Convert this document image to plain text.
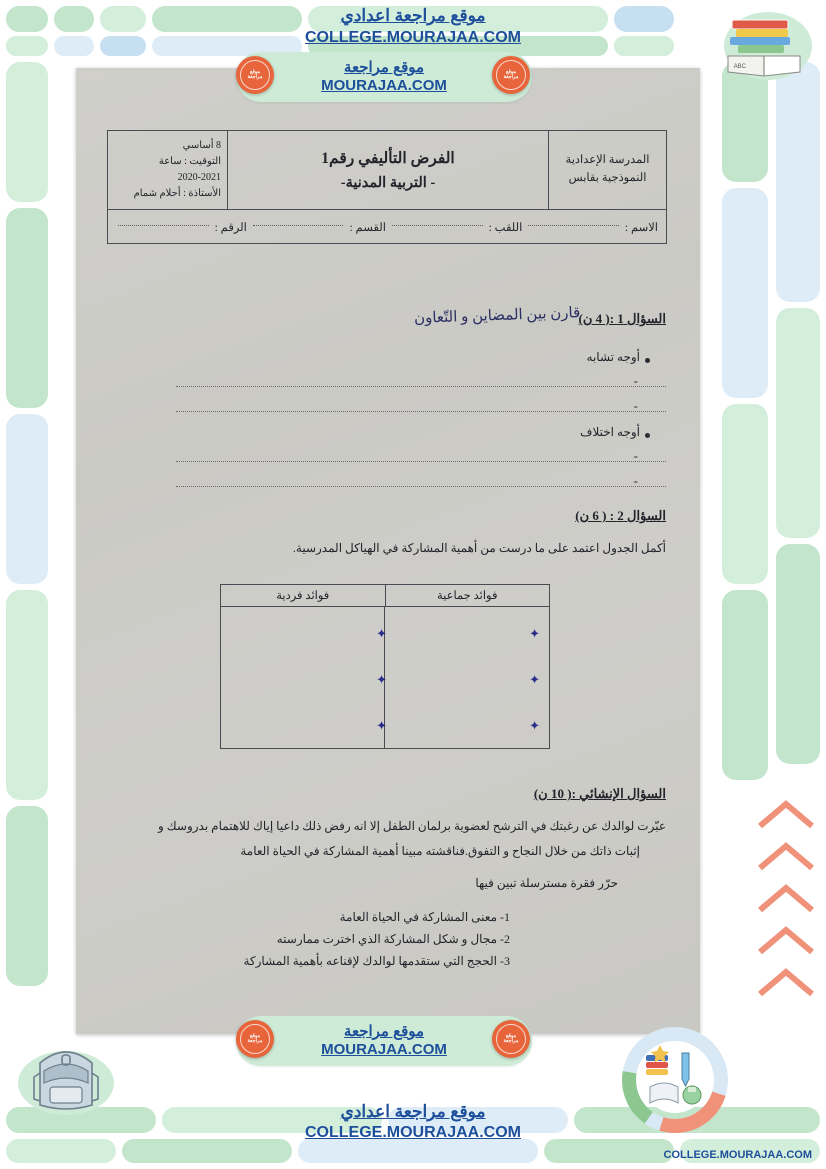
موقع مراجعة اعدادي
COLLEGE.MOURAJAA.COM
ABC
موقع مراجعة
موقع مراجعة
موقع مراجعة
MOURAJAA.COM
المدرسة الإعدادية
النموذجية بقابس
الفرض التأليفي رقم1
- التربية المدنية-
8 أساسي
التوقيت : ساعة
2020-2021
الأستاذة : أحلام شمام
الاسم :
اللقب :
القسم :
الرقم :
السؤال 1 :( 4 ن)
قارن بين المضاين و التّعاون
أوجه تشابه
-
-
أوجه اختلاف
-
-
السؤال 2 : ( 6 ن)
أكمل الجدول اعتمد على ما درست من أهمية المشاركة في الهياكل المدرسية.
فوائد جماعية
فوائد فردية
✦
✦
✦
✦
✦
✦
السؤال الإنشائي :( 10 ن)
عبّرت لوالدك عن رغبتك في الترشح لعضوية برلمان الطفل إلا انه رفض ذلك داعيا إياك للاهتمام بدروسك و
إثبات ذاتك من خلال النجاح و التفوق.فناقشته مبينا أهمية المشاركة في الحياة العامة
حرّر فقرة مسترسلة تبين فيها
1- معنى المشاركة في الحياة العامة
2- مجال و شكل المشاركة الذي اخترت ممارسته
3- الحجج التي ستقدمها لوالدك لإقناعه بأهمية المشاركة
موقع مراجعة
موقع مراجعة
موقع مراجعة
MOURAJAA.COM
موقع مراجعة اعدادي
COLLEGE.MOURAJAA.COM
COLLEGE.MOURAJAA.COM
